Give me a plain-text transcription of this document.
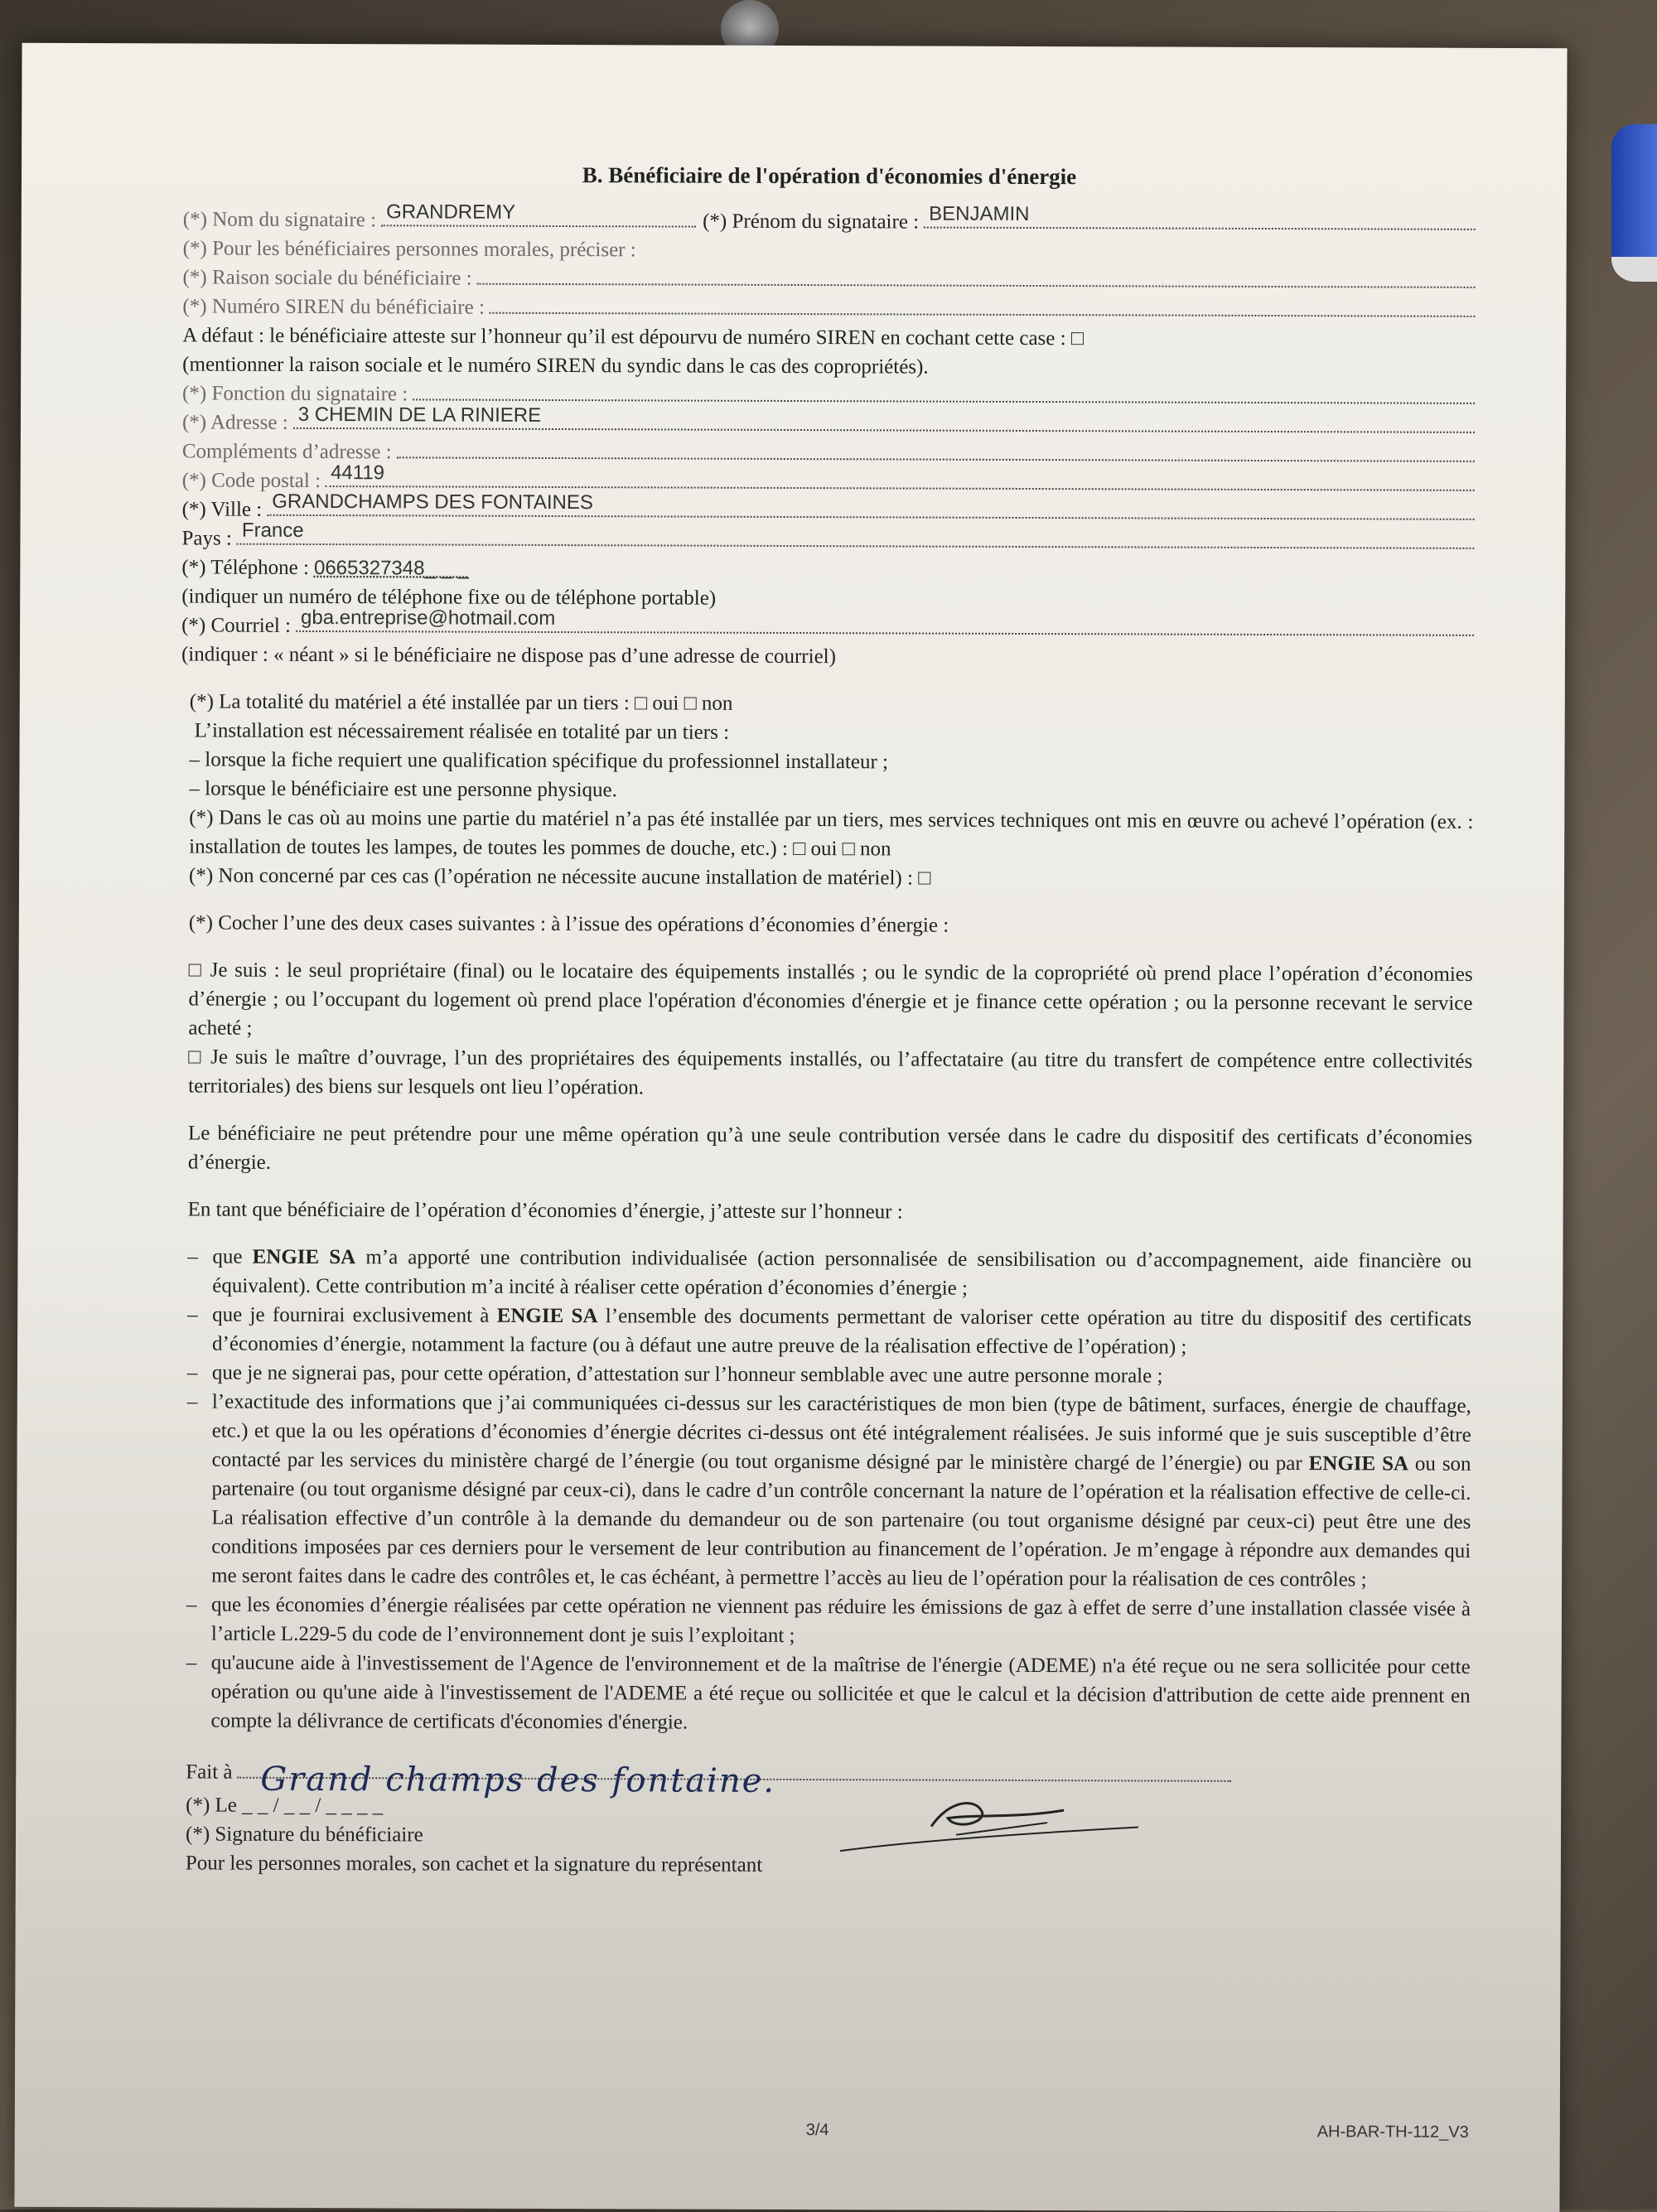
B. Bénéficiaire de l'opération d'économies d'énergie
(*) Nom du signataire : GRANDREMY	(*) Prénom du signataire : BENJAMIN
(*) Pour les bénéficiaires personnes morales, préciser :
(*) Raison sociale du bénéficiaire :
(*) Numéro SIREN du bénéficiaire :
A défaut : le bénéficiaire atteste sur l’honneur qu’il est dépourvu de numéro SIREN en cochant cette case : □
(mentionner la raison sociale et le numéro SIREN du syndic dans le cas des copropriétés).
(*) Fonction du signataire :
(*) Adresse : 3 CHEMIN DE LA RINIERE
Compléments d’adresse :
(*) Code postal : 44119
(*) Ville : GRANDCHAMPS DES FONTAINES
Pays : France
(*) Téléphone : 0665327348_ _ _
(indiquer un numéro de téléphone fixe ou de téléphone portable)
(*) Courriel : gba.entreprise@hotmail.com
(indiquer : « néant » si le bénéficiaire ne dispose pas d’une adresse de courriel)

(*) La totalité du matériel a été installée par un tiers : □ oui □ non

L’installation est nécessairement réalisée en totalité par un tiers :

– lorsque la fiche requiert une qualification spécifique du professionnel installateur ;

– lorsque le bénéficiaire est une personne physique.

(*) Dans le cas où au moins une partie du matériel n’a pas été installée par un tiers, mes services techniques ont mis en œuvre ou achevé l’opération (ex. : installation de toutes les lampes, de toutes les pommes de douche, etc.) : □ oui □ non

(*) Non concerné par ces cas (l’opération ne nécessite aucune installation de matériel) : □

(*) Cocher l’une des deux cases suivantes : à l’issue des opérations d’économies d’énergie :

□ Je suis : le seul propriétaire (final) ou le locataire des équipements installés ; ou le syndic de la copropriété où prend place l’opération d’économies d’énergie ; ou l’occupant du logement où prend place l'opération d'économies d'énergie et je finance cette opération ; ou la personne recevant le service acheté ;

□ Je suis le maître d’ouvrage, l’un des propriétaires des équipements installés, ou l’affectataire (au titre du transfert de compétence entre collectivités territoriales) des biens sur lesquels ont lieu l’opération.

Le bénéficiaire ne peut prétendre pour une même opération qu’à une seule contribution versée dans le cadre du dispositif des certificats d’économies d’énergie.

En tant que bénéficiaire de l’opération d’économies d’énergie, j’atteste sur l’honneur :

– que ENGIE SA m’a apporté une contribution individualisée (action personnalisée de sensibilisation ou d’accompagnement, aide financière ou équivalent). Cette contribution m’a incité à réaliser cette opération d’économies d’énergie ;
– que je fournirai exclusivement à ENGIE SA l’ensemble des documents permettant de valoriser cette opération au titre du dispositif des certificats d’économies d’énergie, notamment la facture (ou à défaut une autre preuve de la réalisation effective de l’opération) ;
– que je ne signerai pas, pour cette opération, d’attestation sur l’honneur semblable avec une autre personne morale ;
– l’exactitude des informations que j’ai communiquées ci-dessus sur les caractéristiques de mon bien (type de bâtiment, surfaces, énergie de chauffage, etc.) et que la ou les opérations d’économies d’énergie décrites ci-dessus ont été intégralement réalisées. Je suis informé que je suis susceptible d’être contacté par les services du ministère chargé de l’énergie (ou tout organisme désigné par le ministère chargé de l’énergie) ou par ENGIE SA ou son partenaire (ou tout organisme désigné par ceux-ci), dans le cadre d’un contrôle concernant la nature de l’opération et la réalisation effective de celle-ci. La réalisation effective d’un contrôle à la demande du demandeur ou de son partenaire (ou tout organisme désigné par ceux-ci) peut être une des conditions imposées par ces derniers pour le versement de leur contribution au financement de l’opération. Je m’engage à répondre aux demandes qui me seront faites dans le cadre des contrôles et, le cas échéant, à permettre l’accès au lieu de l’opération pour la réalisation de ces contrôles ;
– que les économies d’énergie réalisées par cette opération ne viennent pas réduire les émissions de gaz à effet de serre d’une installation classée visée à l’article L.229-5 du code de l’environnement dont je suis l’exploitant ;
– qu'aucune aide à l'investissement de l'Agence de l'environnement et de la maîtrise de l'énergie (ADEME) n'a été reçue ou ne sera sollicitée pour cette opération ou qu'une aide à l'investissement de l'ADEME a été reçue ou sollicitée et que le calcul et la décision d'attribution de cette aide prennent en compte la délivrance de certificats d'économies d'énergie.
Fait à Grand champs des fontaine.

(*) Le _ _ / _ _ / _ _ _ _

(*) Signature du bénéficiaire

Pour les personnes morales, son cachet et la signature du représentant

3/4	AH-BAR-TH-112_V3
